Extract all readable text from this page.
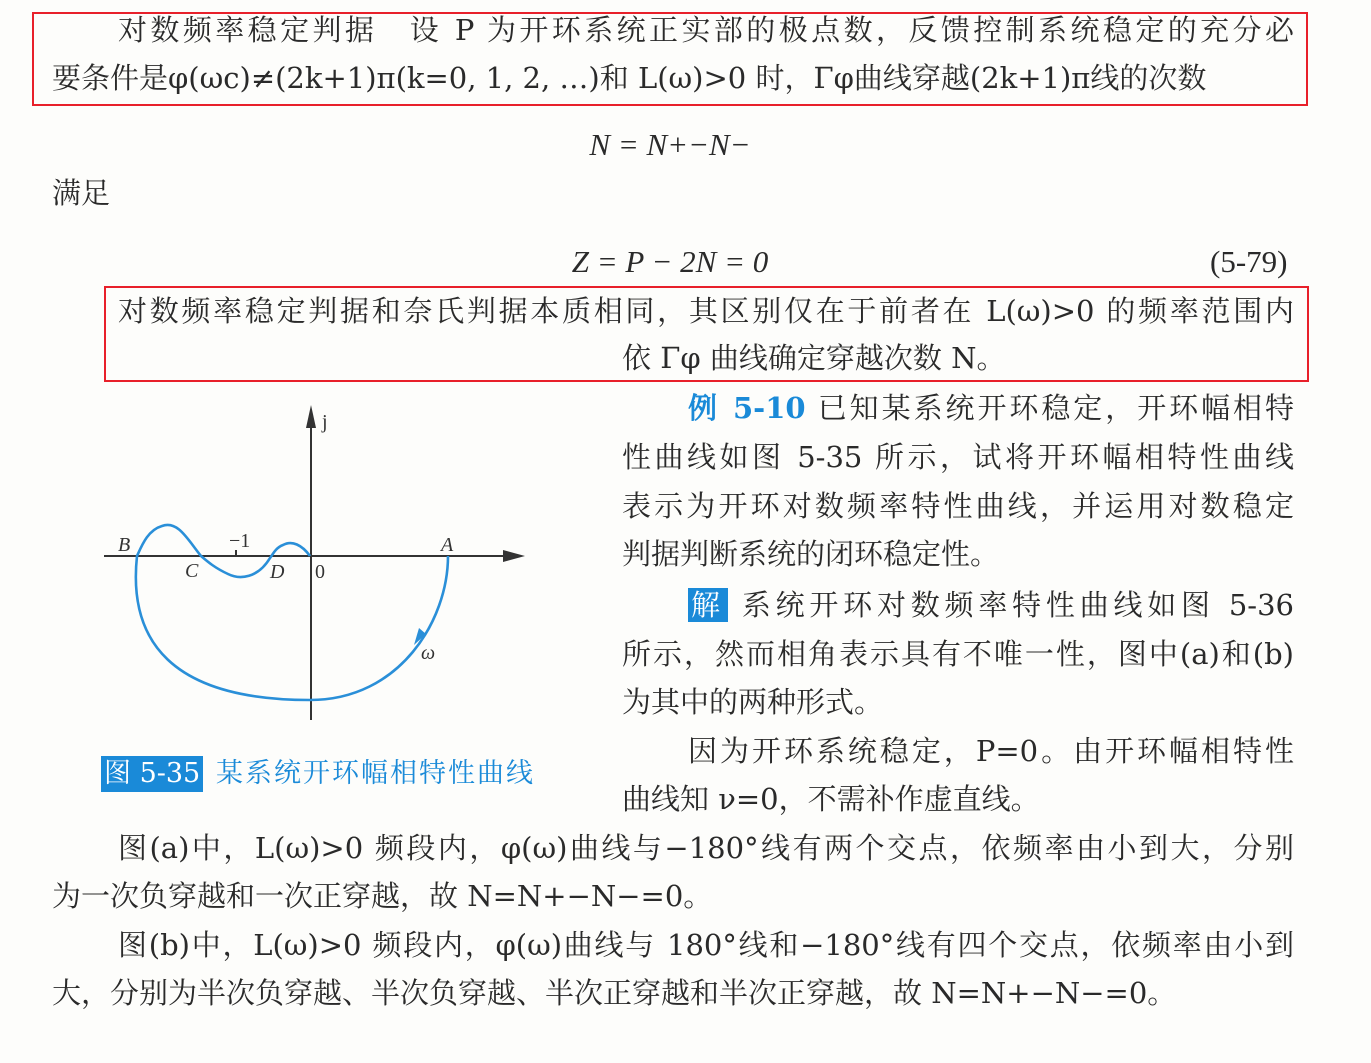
对数频率稳定判据　设 P 为开环系统正实部的极点数，反馈控制系统稳定的充分必
要条件是φ(ωc)≠(2k+1)π(k=0, 1, 2, …)和 L(ω)>0 时，Γφ曲线穿越(2k+1)π线的次数
N = N+−N−
满足
Z = P − 2N = 0	(5-79)
对数频率稳定判据和奈氏判据本质相同，其区别仅在于前者在 L(ω)>0 的频率范围内
依 Γφ 曲线确定穿越次数 N。
例 5-10 已知某系统开环稳定，开环幅相特
性曲线如图 5-35 所示，试将开环幅相特性曲线
表示为开环对数频率特性曲线，并运用对数稳定
判据判断系统的闭环稳定性。
解 系统开环对数频率特性曲线如图 5-36
所示，然而相角表示具有不唯一性，图中(a)和(b)
为其中的两种形式。
因为开环系统稳定，P=0。由开环幅相特性
曲线知 ν=0，不需补作虚直线。
j
B	−1	A
C	D 0
ω
图 5-35 某系统开环幅相特性曲线
图(a)中，L(ω)>0 频段内，φ(ω)曲线与−180°线有两个交点，依频率由小到大，分别
为一次负穿越和一次正穿越，故 N=N+−N−=0。
图(b)中，L(ω)>0 频段内，φ(ω)曲线与 180°线和−180°线有四个交点，依频率由小到
大，分别为半次负穿越、半次负穿越、半次正穿越和半次正穿越，故 N=N+−N−=0。
